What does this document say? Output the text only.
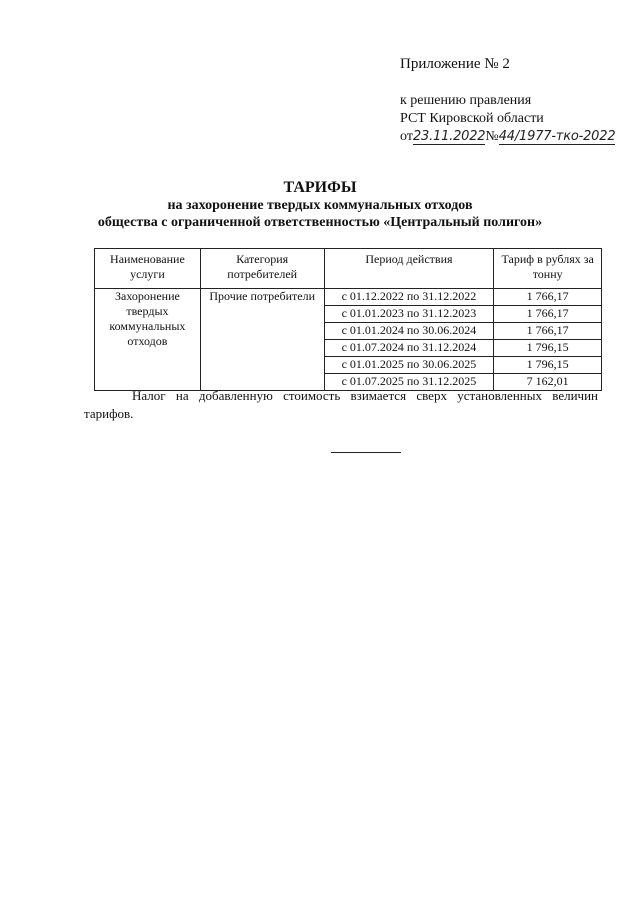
Приложение № 2
к решению правления
РСТ Кировской области
от23.11.2022№44/1977-тко-2022
ТАРИФЫ
на захоронение твердых коммунальных отходов
общества с ограниченной ответственностью «Центральный полигон»
Наименование услуги	Категория потребителей	Период действия	Тариф в рублях за тонну
Захоронение твердых коммунальных отходов	Прочие потребители	с 01.12.2022 по 31.12.2022	1 766,17
		с 01.01.2023 по 31.12.2023	1 766,17
		с 01.01.2024 по 30.06.2024	1 766,17
		с 01.07.2024 по 31.12.2024	1 796,15
		с 01.01.2025 по 30.06.2025	1 796,15
		с 01.07.2025 по 31.12.2025	7 162,01
Налог на добавленную стоимость взимается сверх установленных величин тарифов.
